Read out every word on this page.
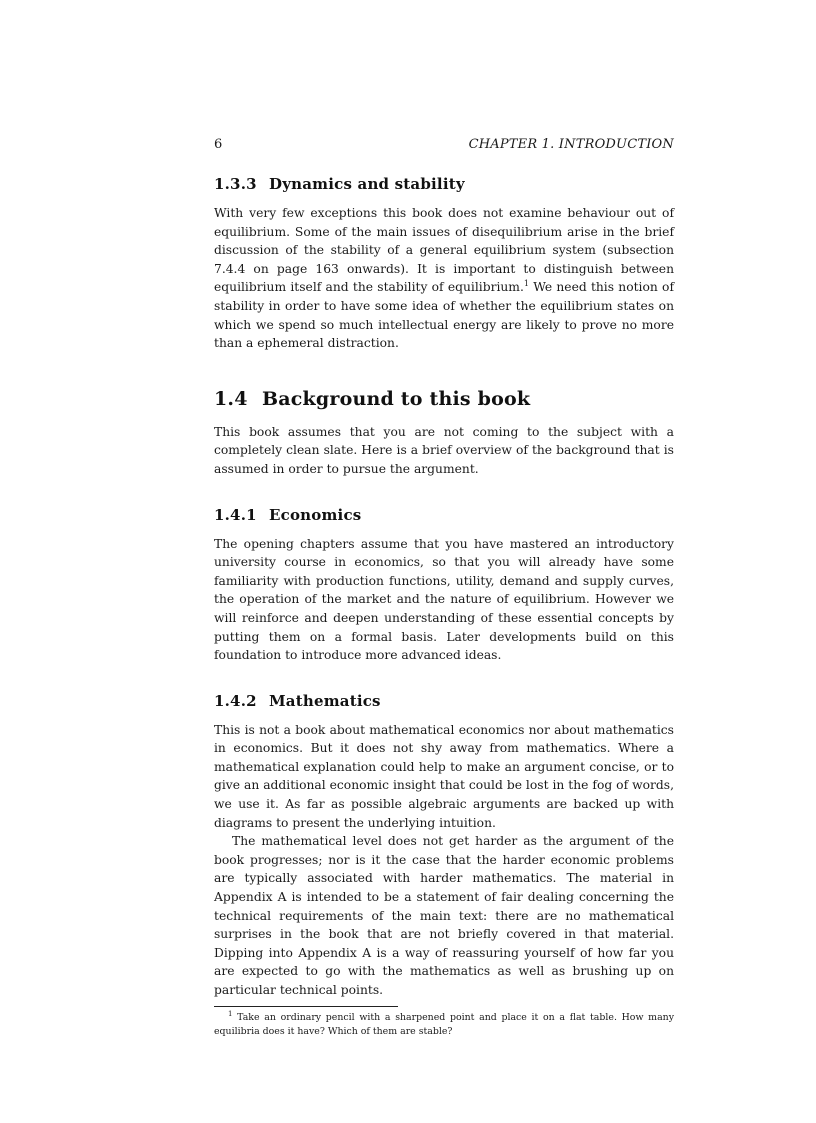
6	CHAPTER 1. INTRODUCTION
1.3.3 Dynamics and stability

With very few exceptions this book does not examine behaviour out of equilibrium. Some of the main issues of disequilibrium arise in the brief discussion of the stability of a general equilibrium system (subsection 7.4.4 on page 163 onwards). It is important to distinguish between equilibrium itself and the stability of equilibrium.$^1$ We need this notion of stability in order to have some idea of whether the equilibrium states on which we spend so much intellectual energy are likely to prove no more than a ephemeral distraction.

1.4 Background to this book

This book assumes that you are not coming to the subject with a completely clean slate. Here is a brief overview of the background that is assumed in order to pursue the argument.

1.4.1 Economics

The opening chapters assume that you have mastered an introductory university course in economics, so that you will already have some familiarity with production functions, utility, demand and supply curves, the operation of the market and the nature of equilibrium. However we will reinforce and deepen understanding of these essential concepts by putting them on a formal basis. Later developments build on this foundation to introduce more advanced ideas.

1.4.2 Mathematics

This is not a book about mathematical economics nor about mathematics in economics. But it does not shy away from mathematics. Where a mathematical explanation could help to make an argument concise, or to give an additional economic insight that could be lost in the fog of words, we use it. As far as possible algebraic arguments are backed up with diagrams to present the underlying intuition.

The mathematical level does not get harder as the argument of the book progresses; nor is it the case that the harder economic problems are typically associated with harder mathematics. The material in Appendix A is intended to be a statement of fair dealing concerning the technical requirements of the main text: there are no mathematical surprises in the book that are not briefly covered in that material. Dipping into Appendix A is a way of reassuring yourself of how far you are expected to go with the mathematics as well as brushing up on particular technical points.

$^1$ Take an ordinary pencil with a sharpened point and place it on a flat table. How many equilibria does it have? Which of them are stable?
